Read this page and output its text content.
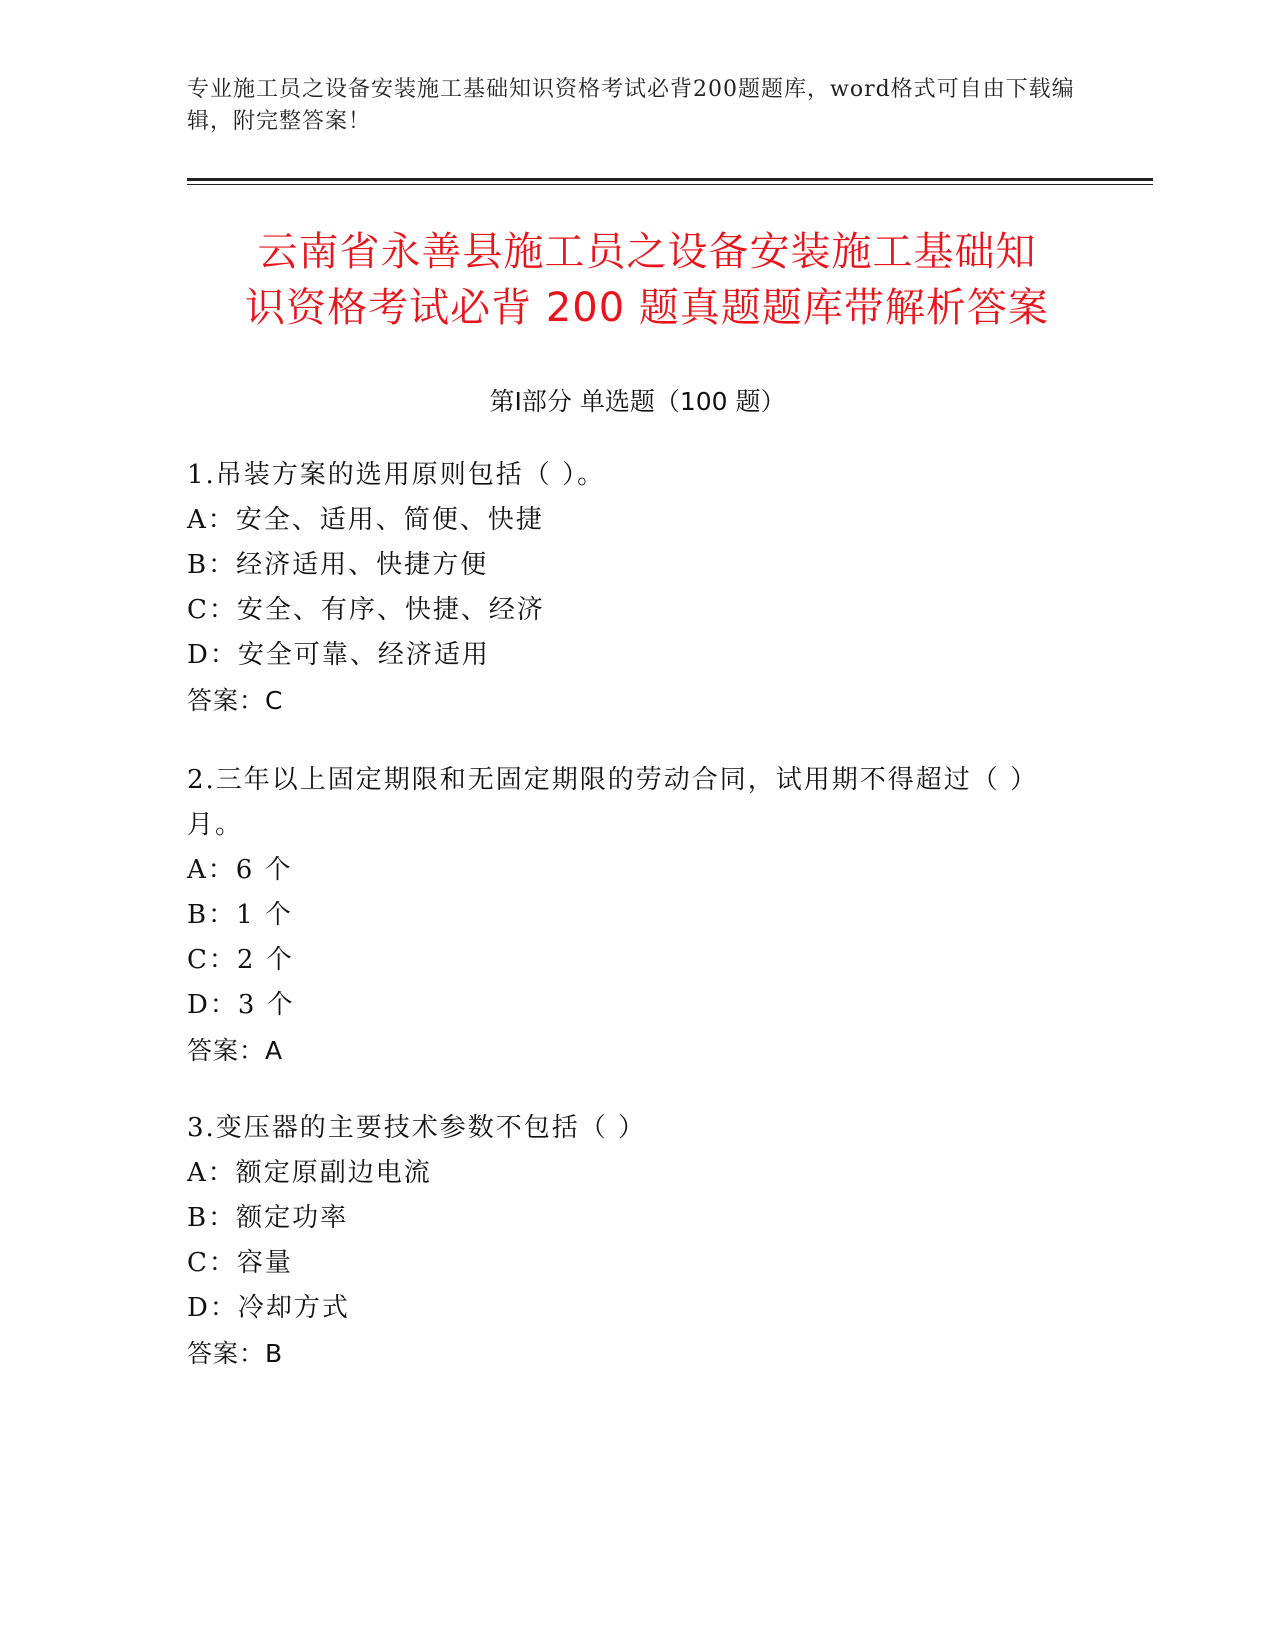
专业施工员之设备安装施工基础知识资格考试必背200题题库，word格式可自由下载编辑，附完整答案！
云南省永善县施工员之设备安装施工基础知
识资格考试必背 200 题真题题库带解析答案
第Ⅰ部分 单选题（100 题）
1.吊装方案的选用原则包括（ ）。
A：安全、适用、简便、快捷
B：经济适用、快捷方便
C：安全、有序、快捷、经济
D：安全可靠、经济适用
答案：C
2.三年以上固定期限和无固定期限的劳动合同，试用期不得超过（ ）月。
A：6 个
B：1 个
C：2 个
D：3 个
答案：A
3.变压器的主要技术参数不包括（ ）
A：额定原副边电流
B：额定功率
C：容量
D：冷却方式
答案：B
